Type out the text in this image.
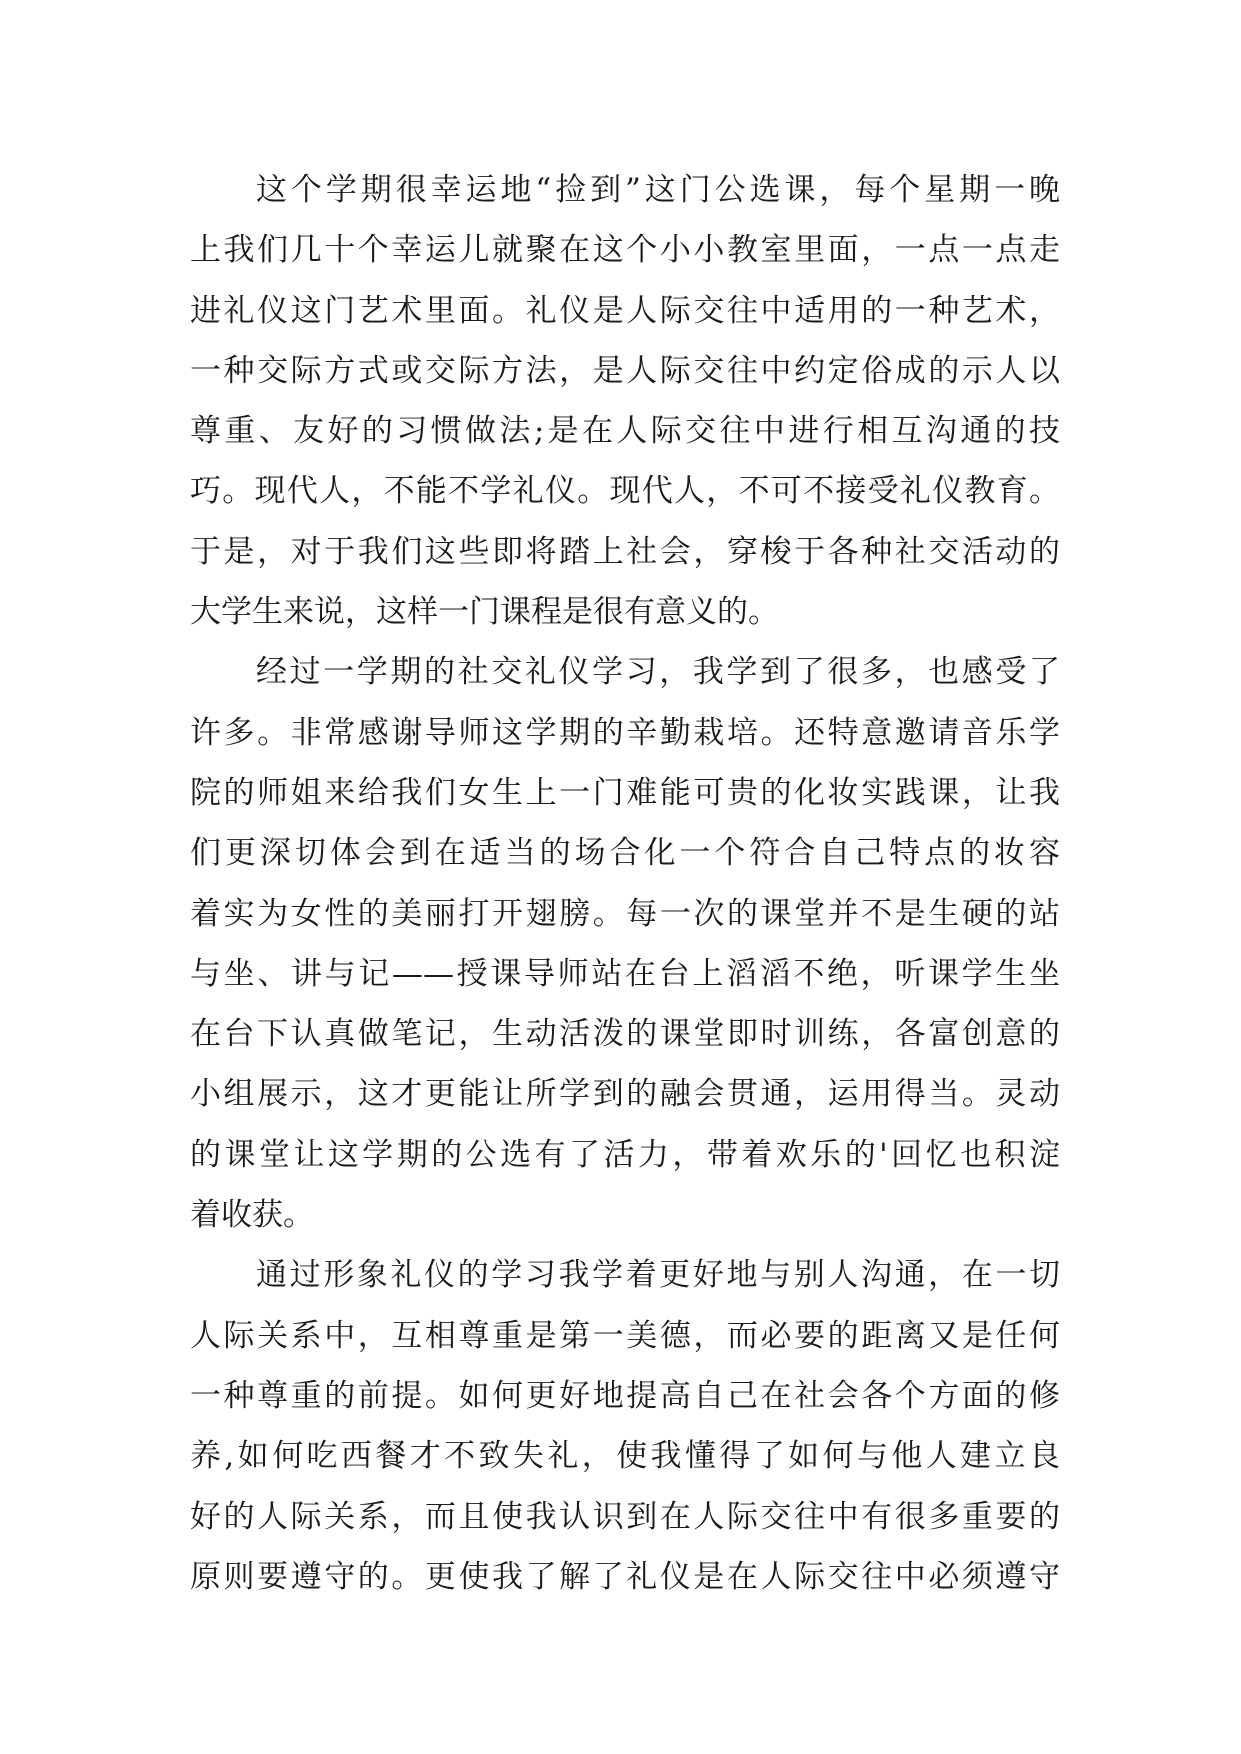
这个学期很幸运地“捡到”这门公选课，每个星期一晚
上我们几十个幸运儿就聚在这个小小教室里面，一点一点走
进礼仪这门艺术里面。礼仪是人际交往中适用的一种艺术，
一种交际方式或交际方法，是人际交往中约定俗成的示人以
尊重、友好的习惯做法;是在人际交往中进行相互沟通的技
巧。现代人，不能不学礼仪。现代人，不可不接受礼仪教育。
于是，对于我们这些即将踏上社会，穿梭于各种社交活动的
大学生来说，这样一门课程是很有意义的。
经过一学期的社交礼仪学习，我学到了很多，也感受了
许多。非常感谢导师这学期的辛勤栽培。还特意邀请音乐学
院的师姐来给我们女生上一门难能可贵的化妆实践课，让我
们更深切体会到在适当的场合化一个符合自己特点的妆容
着实为女性的美丽打开翅膀。每一次的课堂并不是生硬的站
与坐、讲与记——授课导师站在台上滔滔不绝，听课学生坐
在台下认真做笔记，生动活泼的课堂即时训练，各富创意的
小组展示，这才更能让所学到的融会贯通，运用得当。灵动
的课堂让这学期的公选有了活力，带着欢乐的'回忆也积淀
着收获。
通过形象礼仪的学习我学着更好地与别人沟通，在一切
人际关系中，互相尊重是第一美德，而必要的距离又是任何
一种尊重的前提。如何更好地提高自己在社会各个方面的修
养,如何吃西餐才不致失礼，使我懂得了如何与他人建立良
好的人际关系，而且使我认识到在人际交往中有很多重要的
原则要遵守的。更使我了解了礼仪是在人际交往中必须遵守
